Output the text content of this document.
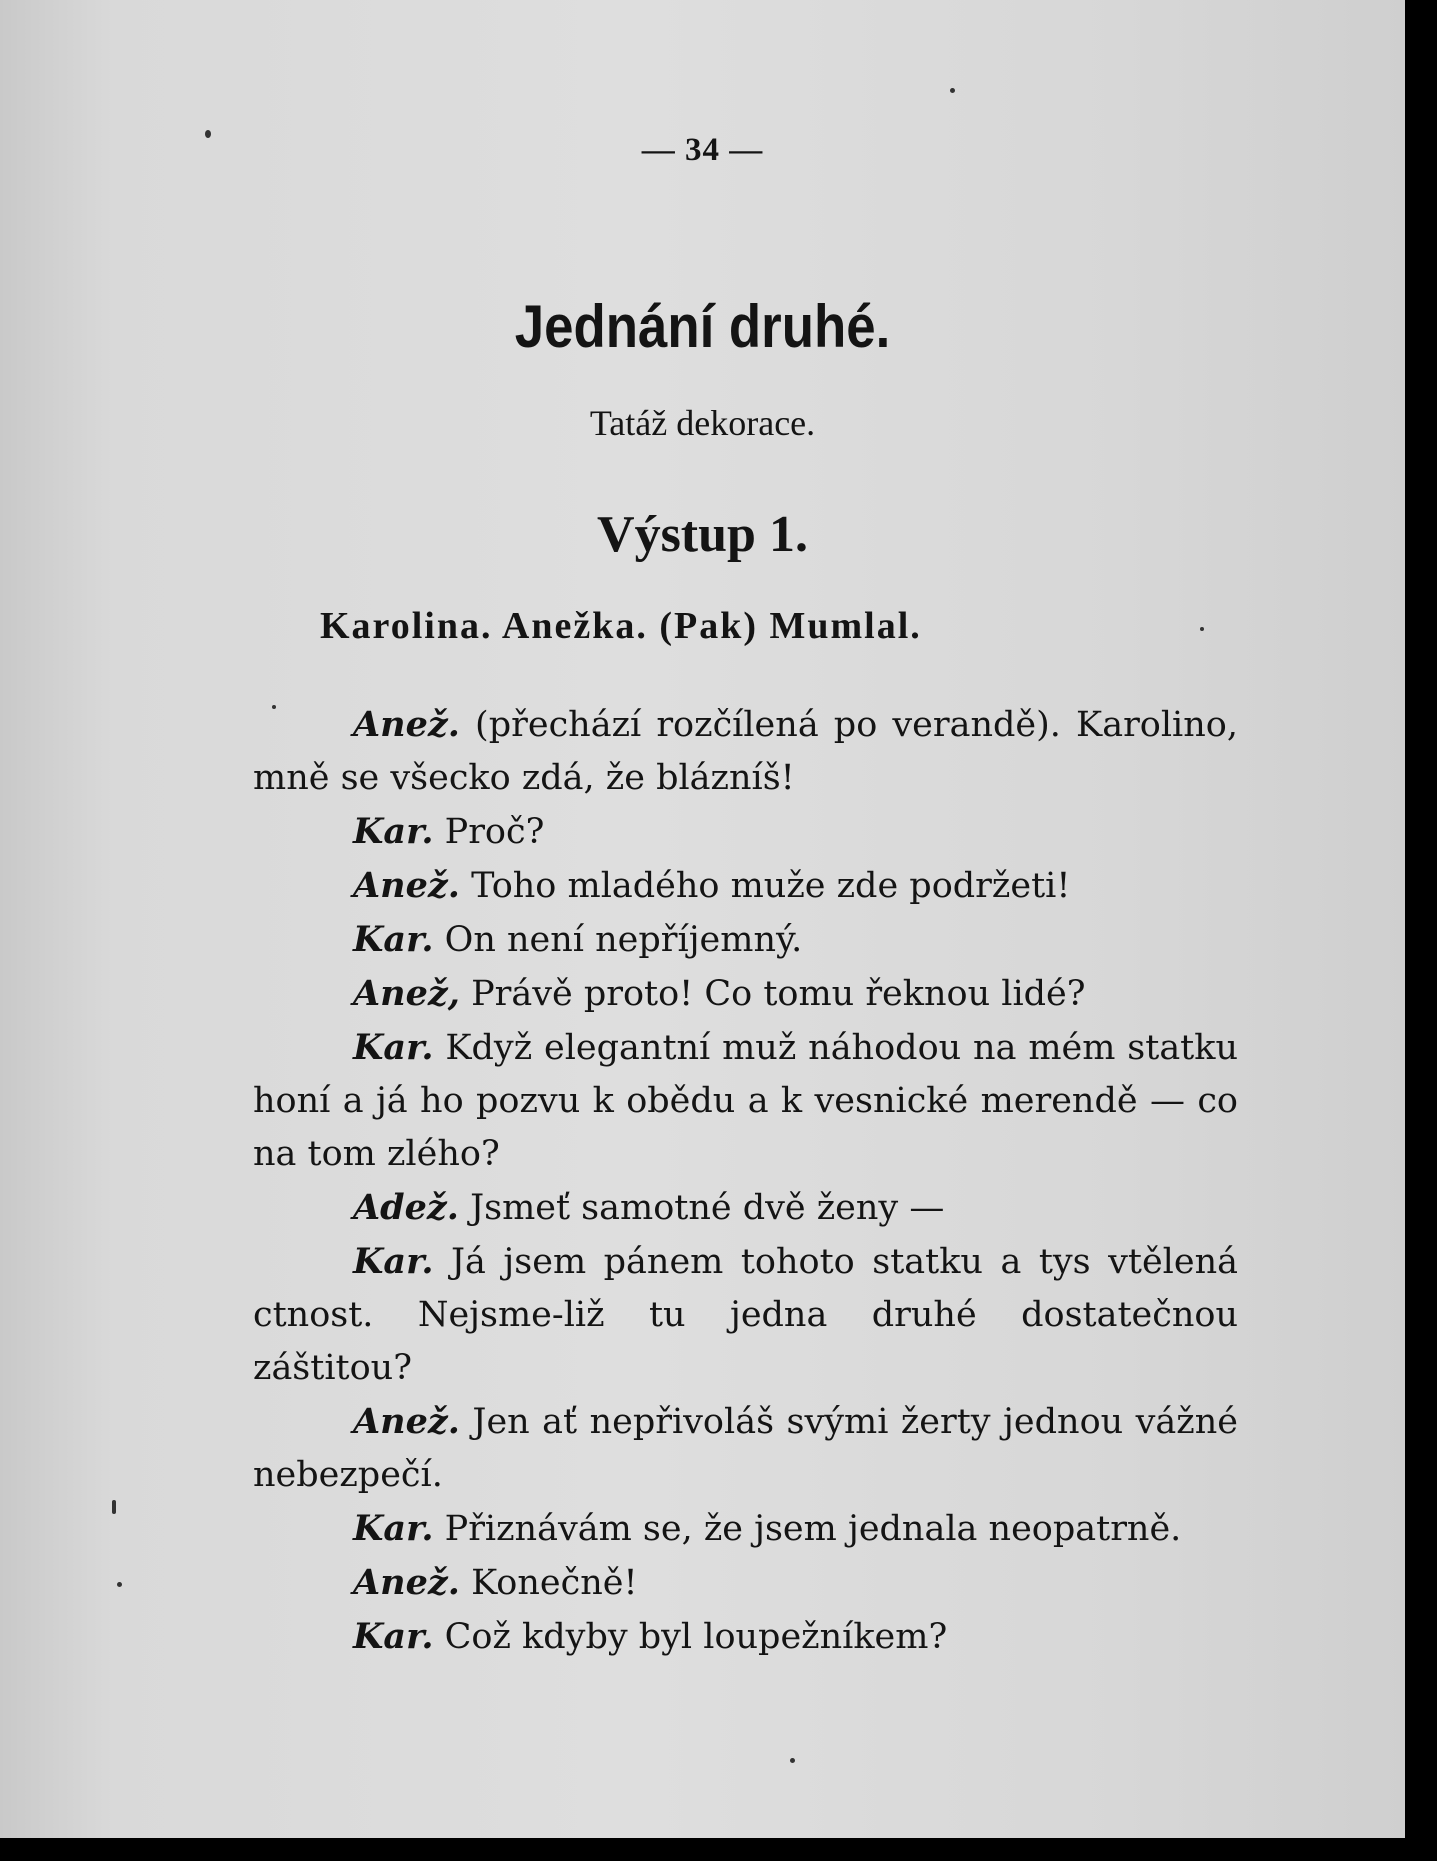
— 34 —
Jednání druhé.
Tatáž dekorace.
Výstup 1.
Karolina. Anežka. (Pak) Mumlal.

Anež. (přechází rozčílená po verandě). Karolino, mně se všecko zdá, že blázníš!

Kar. Proč?

Anež. Toho mladého muže zde podržeti!

Kar. On není nepříjemný.

Anež, Právě proto! Co tomu řeknou lidé?

Kar. Když elegantní muž náhodou na mém statku honí a já ho pozvu k obědu a k vesnické merendě — co na tom zlého?

Adež. Jsmeť samotné dvě ženy —

Kar. Já jsem pánem tohoto statku a tys vtělená ctnost. Nejsme-liž tu jedna druhé dostatečnou záštitou?

Anež. Jen ať nepřivoláš svými žerty jednou vážné nebezpečí.

Kar. Přiznávám se, že jsem jednala neopatrně.

Anež. Konečně!

Kar. Což kdyby byl loupežníkem?
